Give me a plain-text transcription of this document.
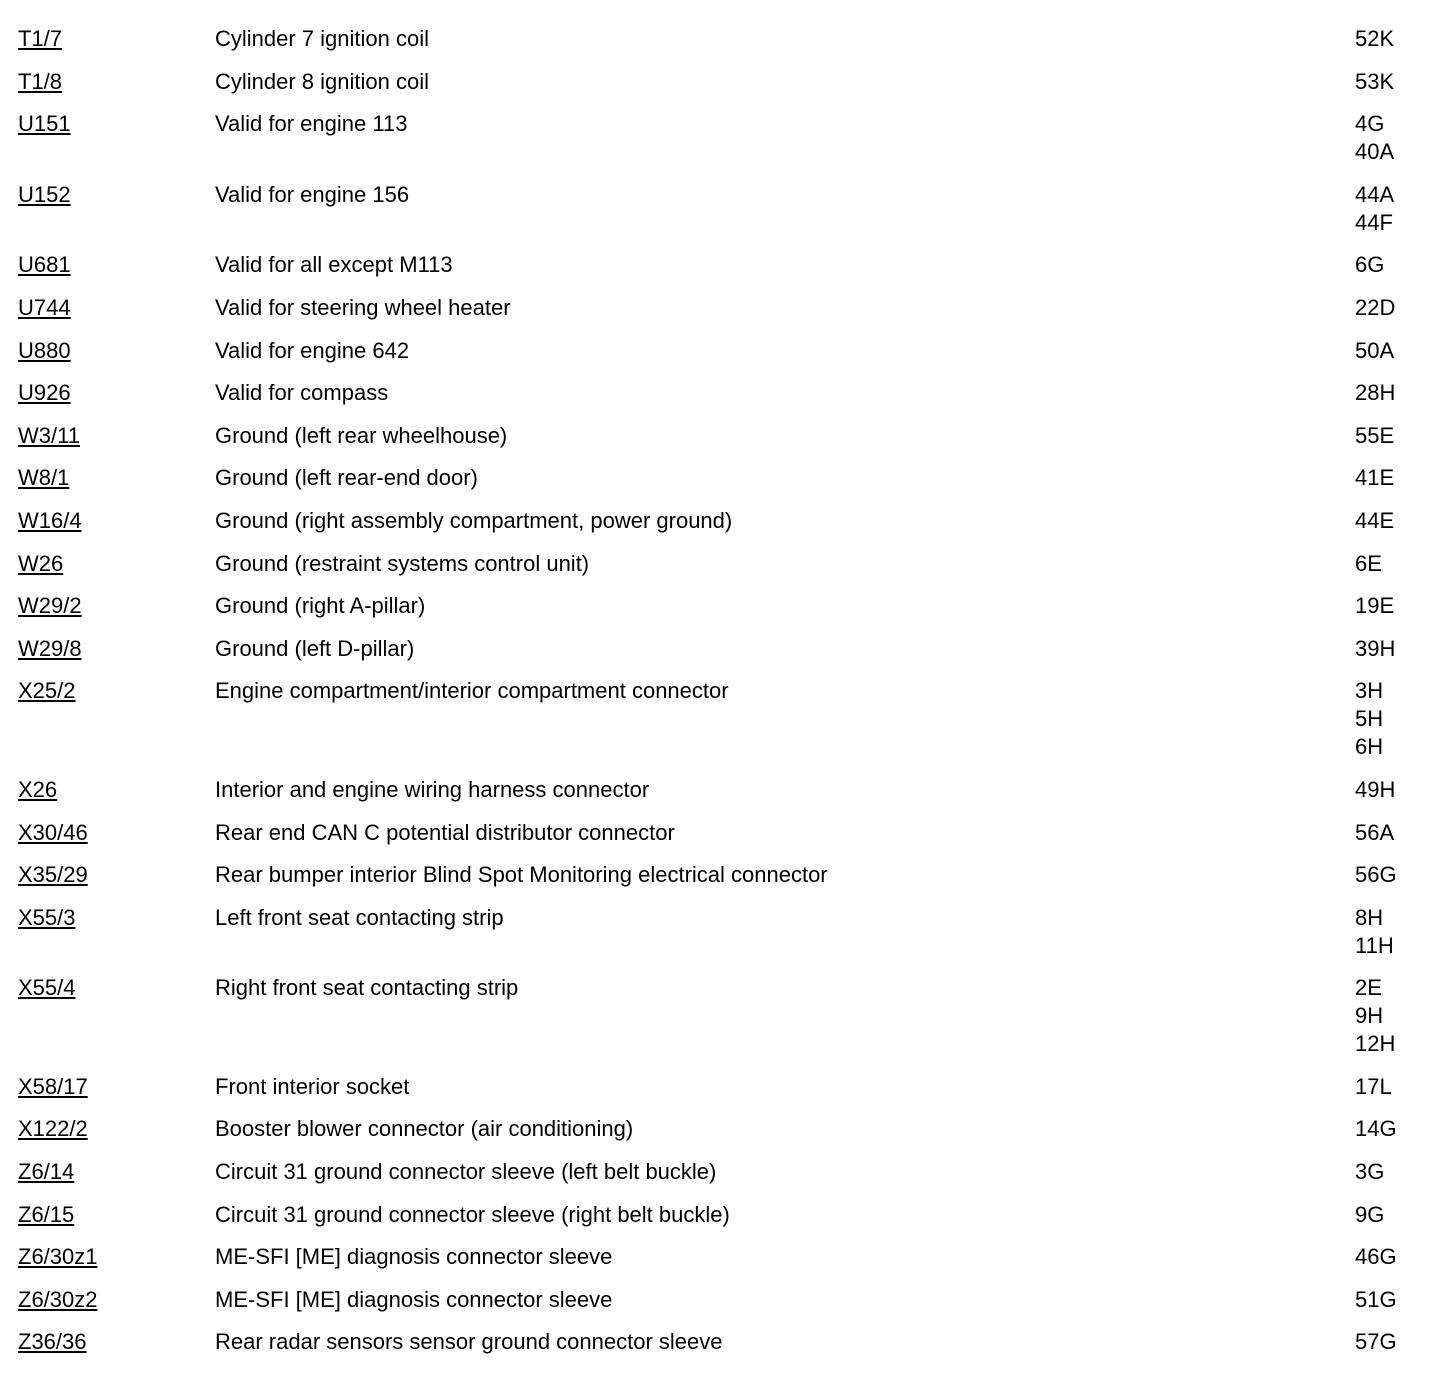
T1/7	Cylinder 7 ignition coil	52K
T1/8	Cylinder 8 ignition coil	53K
U151	Valid for engine 113	4G
40A
U152	Valid for engine 156	44A
44F
U681	Valid for all except M113	6G
U744	Valid for steering wheel heater	22D
U880	Valid for engine 642	50A
U926	Valid for compass	28H
W3/11	Ground (left rear wheelhouse)	55E
W8/1	Ground (left rear-end door)	41E
W16/4	Ground (right assembly compartment, power ground)	44E
W26	Ground (restraint systems control unit)	6E
W29/2	Ground (right A-pillar)	19E
W29/8	Ground (left D-pillar)	39H
X25/2	Engine compartment/interior compartment connector	3H
5H
6H
X26	Interior and engine wiring harness connector	49H
X30/46	Rear end CAN C potential distributor connector	56A
X35/29	Rear bumper interior Blind Spot Monitoring electrical connector	56G
X55/3	Left front seat contacting strip	8H
11H
X55/4	Right front seat contacting strip	2E
9H
12H
X58/17	Front interior socket	17L
X122/2	Booster blower connector (air conditioning)	14G
Z6/14	Circuit 31 ground connector sleeve (left belt buckle)	3G
Z6/15	Circuit 31 ground connector sleeve (right belt buckle)	9G
Z6/30z1	ME-SFI [ME] diagnosis connector sleeve	46G
Z6/30z2	ME-SFI [ME] diagnosis connector sleeve	51G
Z36/36	Rear radar sensors sensor ground connector sleeve	57G
